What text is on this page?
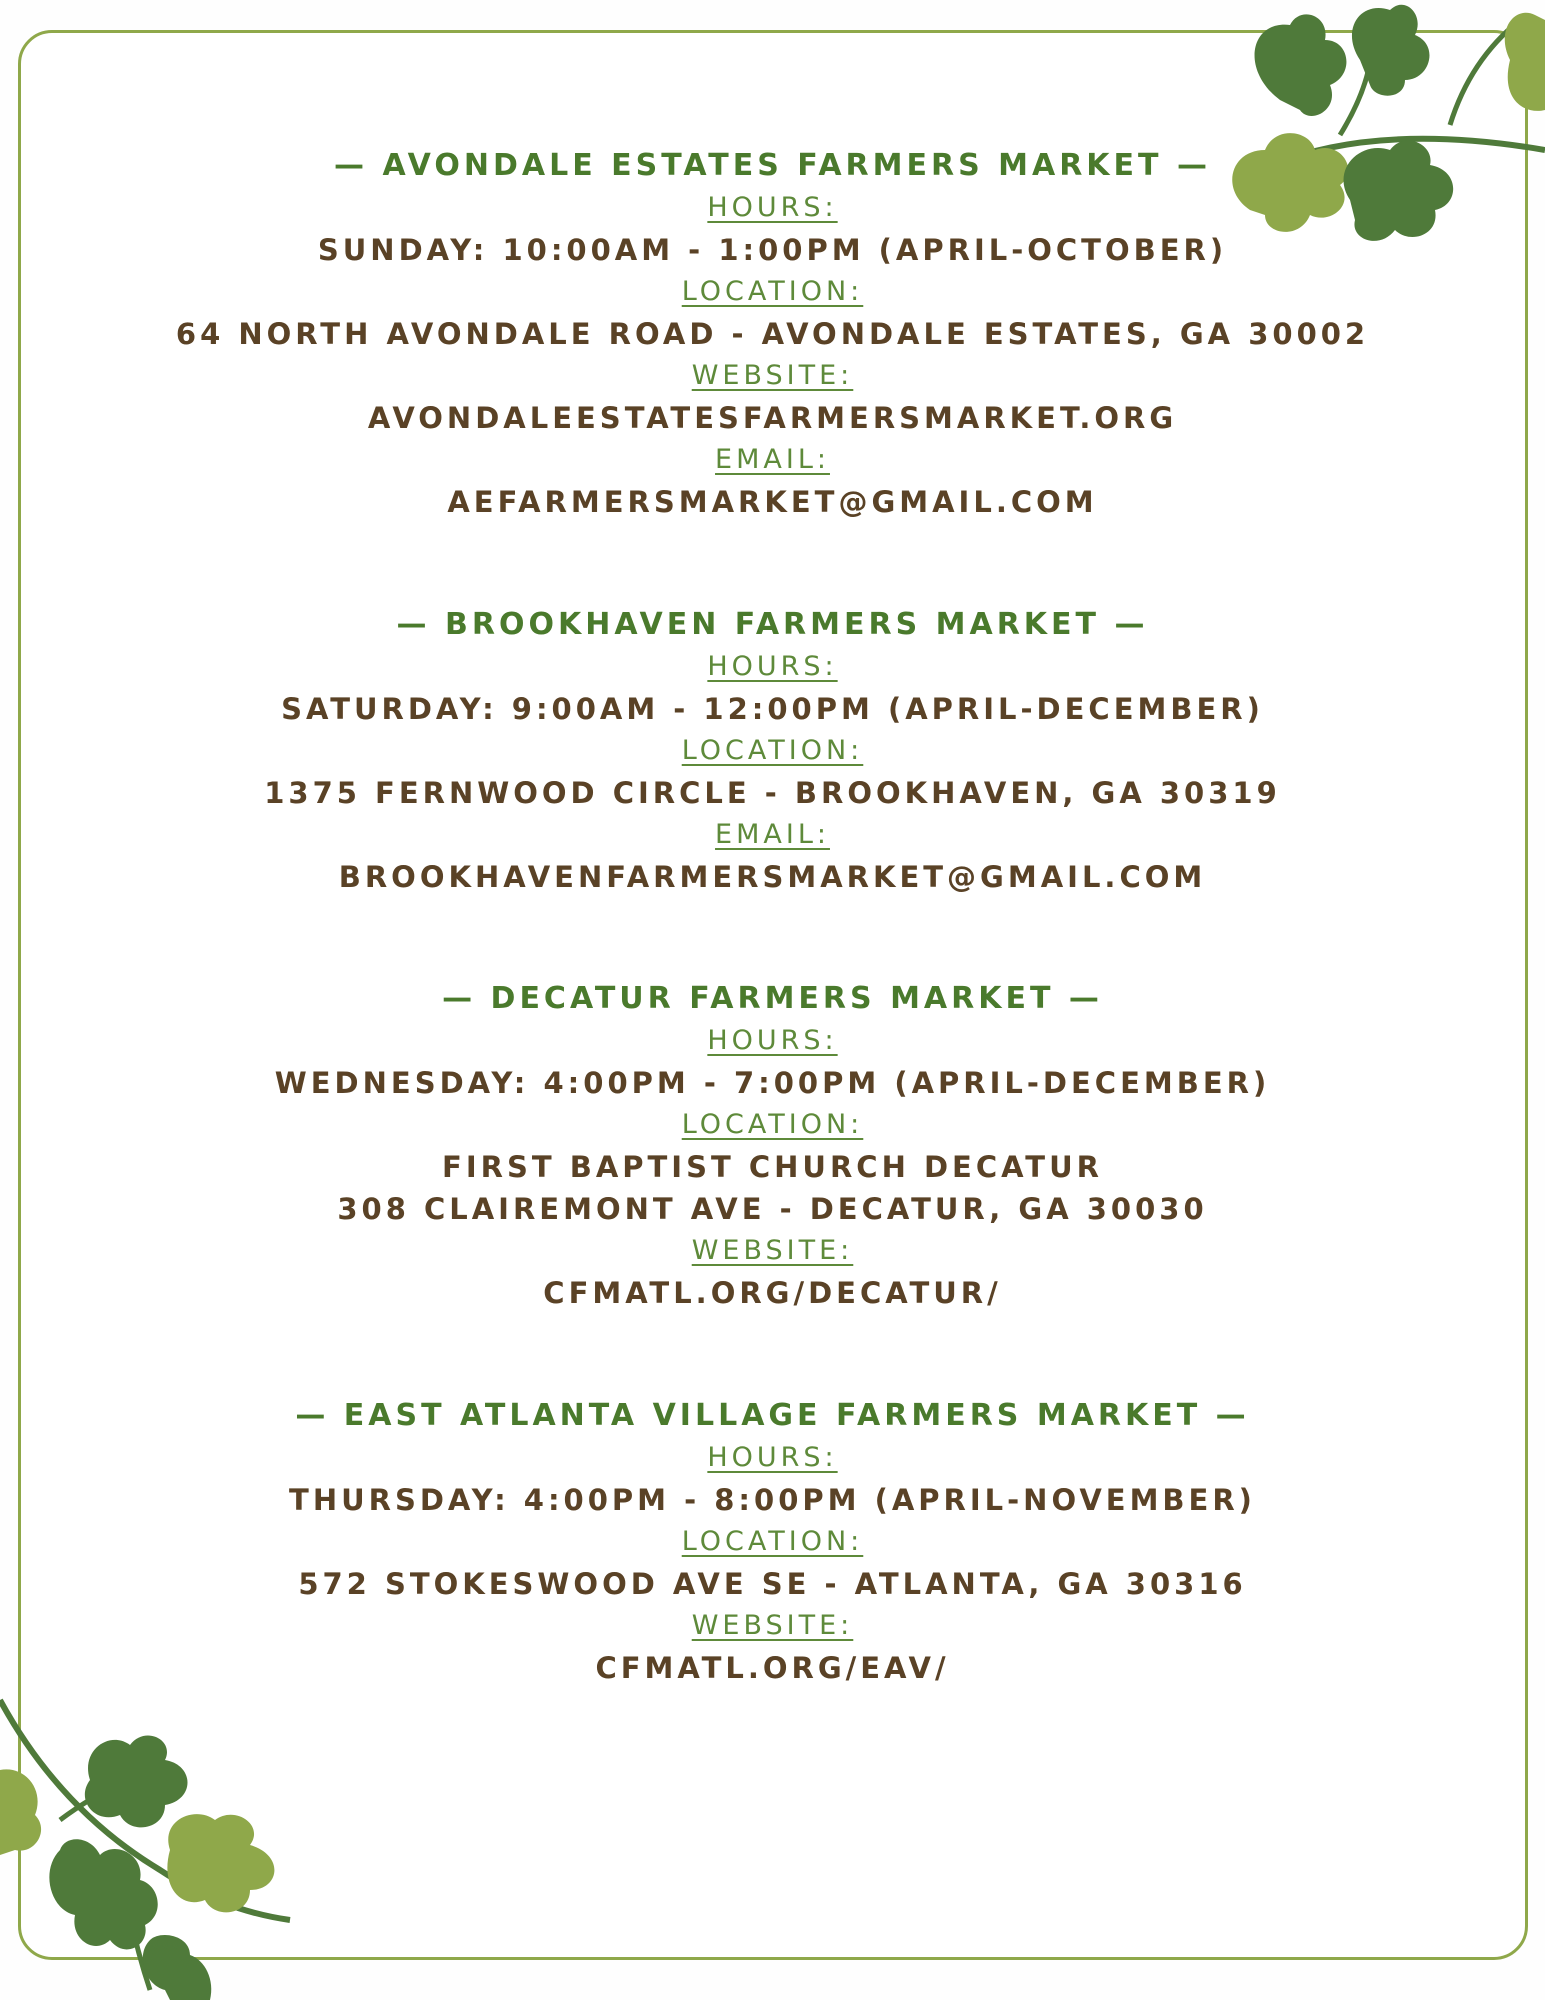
— AVONDALE ESTATES FARMERS MARKET —
HOURS:
SUNDAY: 10:00AM - 1:00PM (APRIL-OCTOBER)
LOCATION:
64 NORTH AVONDALE ROAD - AVONDALE ESTATES, GA 30002
WEBSITE:
AVONDALEESTATESFARMERSMARKET.ORG
EMAIL:
AEFARMERSMARKET@GMAIL.COM
— BROOKHAVEN FARMERS MARKET —
HOURS:
SATURDAY: 9:00AM - 12:00PM (APRIL-DECEMBER)
LOCATION:
1375 FERNWOOD CIRCLE - BROOKHAVEN, GA 30319
EMAIL:
BROOKHAVENFARMERSMARKET@GMAIL.COM
— DECATUR FARMERS MARKET —
HOURS:
WEDNESDAY: 4:00PM - 7:00PM (APRIL-DECEMBER)
LOCATION:
FIRST BAPTIST CHURCH DECATUR
308 CLAIREMONT AVE - DECATUR, GA 30030
WEBSITE:
CFMATL.ORG/DECATUR/
— EAST ATLANTA VILLAGE FARMERS MARKET —
HOURS:
THURSDAY: 4:00PM - 8:00PM (APRIL-NOVEMBER)
LOCATION:
572 STOKESWOOD AVE SE - ATLANTA, GA 30316
WEBSITE:
CFMATL.ORG/EAV/
